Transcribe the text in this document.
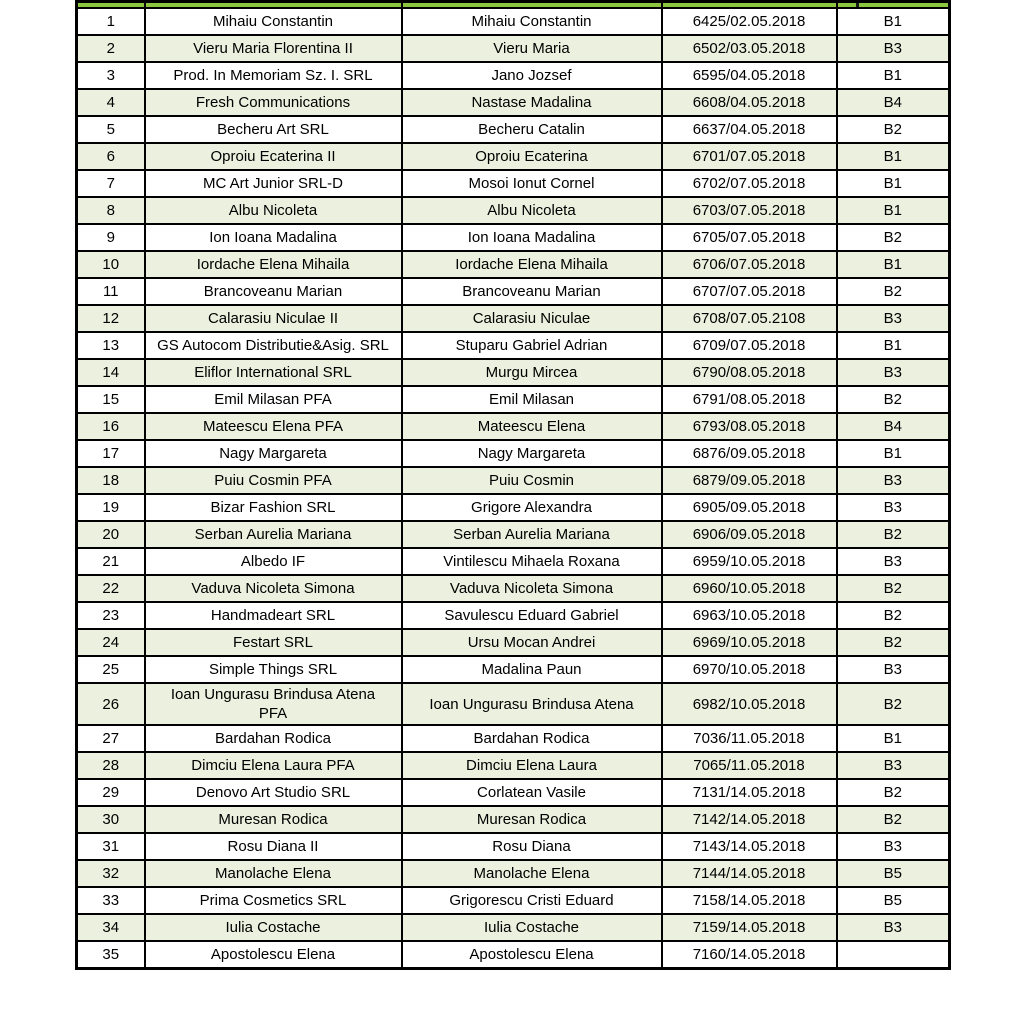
1	Mihaiu Constantin	Mihaiu Constantin	6425/02.05.2018	B1
2	Vieru Maria Florentina II	Vieru Maria	6502/03.05.2018	B3
3	Prod. In Memoriam Sz. I. SRL	Jano Jozsef	6595/04.05.2018	B1
4	Fresh Communications	Nastase Madalina	6608/04.05.2018	B4
5	Becheru Art SRL	Becheru Catalin	6637/04.05.2018	B2
6	Oproiu Ecaterina II	Oproiu Ecaterina	6701/07.05.2018	B1
7	MC Art Junior SRL-D	Mosoi Ionut Cornel	6702/07.05.2018	B1
8	Albu Nicoleta	Albu Nicoleta	6703/07.05.2018	B1
9	Ion Ioana Madalina	Ion Ioana Madalina	6705/07.05.2018	B2
10	Iordache Elena Mihaila	Iordache Elena Mihaila	6706/07.05.2018	B1
11	Brancoveanu Marian	Brancoveanu Marian	6707/07.05.2018	B2
12	Calarasiu Niculae II	Calarasiu Niculae	6708/07.05.2108	B3
13	GS Autocom Distributie&Asig. SRL	Stuparu Gabriel Adrian	6709/07.05.2018	B1
14	Eliflor International SRL	Murgu Mircea	6790/08.05.2018	B3
15	Emil Milasan PFA	Emil Milasan	6791/08.05.2018	B2
16	Mateescu Elena PFA	Mateescu Elena	6793/08.05.2018	B4
17	Nagy Margareta	Nagy Margareta	6876/09.05.2018	B1
18	Puiu Cosmin PFA	Puiu Cosmin	6879/09.05.2018	B3
19	Bizar Fashion SRL	Grigore Alexandra	6905/09.05.2018	B3
20	Serban Aurelia Mariana	Serban Aurelia Mariana	6906/09.05.2018	B2
21	Albedo IF	Vintilescu Mihaela Roxana	6959/10.05.2018	B3
22	Vaduva Nicoleta Simona	Vaduva Nicoleta Simona	6960/10.05.2018	B2
23	Handmadeart SRL	Savulescu Eduard Gabriel	6963/10.05.2018	B2
24	Festart SRL	Ursu Mocan Andrei	6969/10.05.2018	B2
25	Simple Things SRL	Madalina Paun	6970/10.05.2018	B3
26	Ioan Ungurasu Brindusa Atena PFA	Ioan Ungurasu Brindusa Atena	6982/10.05.2018	B2
27	Bardahan Rodica	Bardahan Rodica	7036/11.05.2018	B1
28	Dimciu Elena Laura PFA	Dimciu Elena Laura	7065/11.05.2018	B3
29	Denovo Art Studio SRL	Corlatean Vasile	7131/14.05.2018	B2
30	Muresan Rodica	Muresan Rodica	7142/14.05.2018	B2
31	Rosu Diana II	Rosu Diana	7143/14.05.2018	B3
32	Manolache Elena	Manolache Elena	7144/14.05.2018	B5
33	Prima Cosmetics SRL	Grigorescu Cristi Eduard	7158/14.05.2018	B5
34	Iulia Costache	Iulia Costache	7159/14.05.2018	B3
35	Apostolescu Elena	Apostolescu Elena	7160/14.05.2018	
